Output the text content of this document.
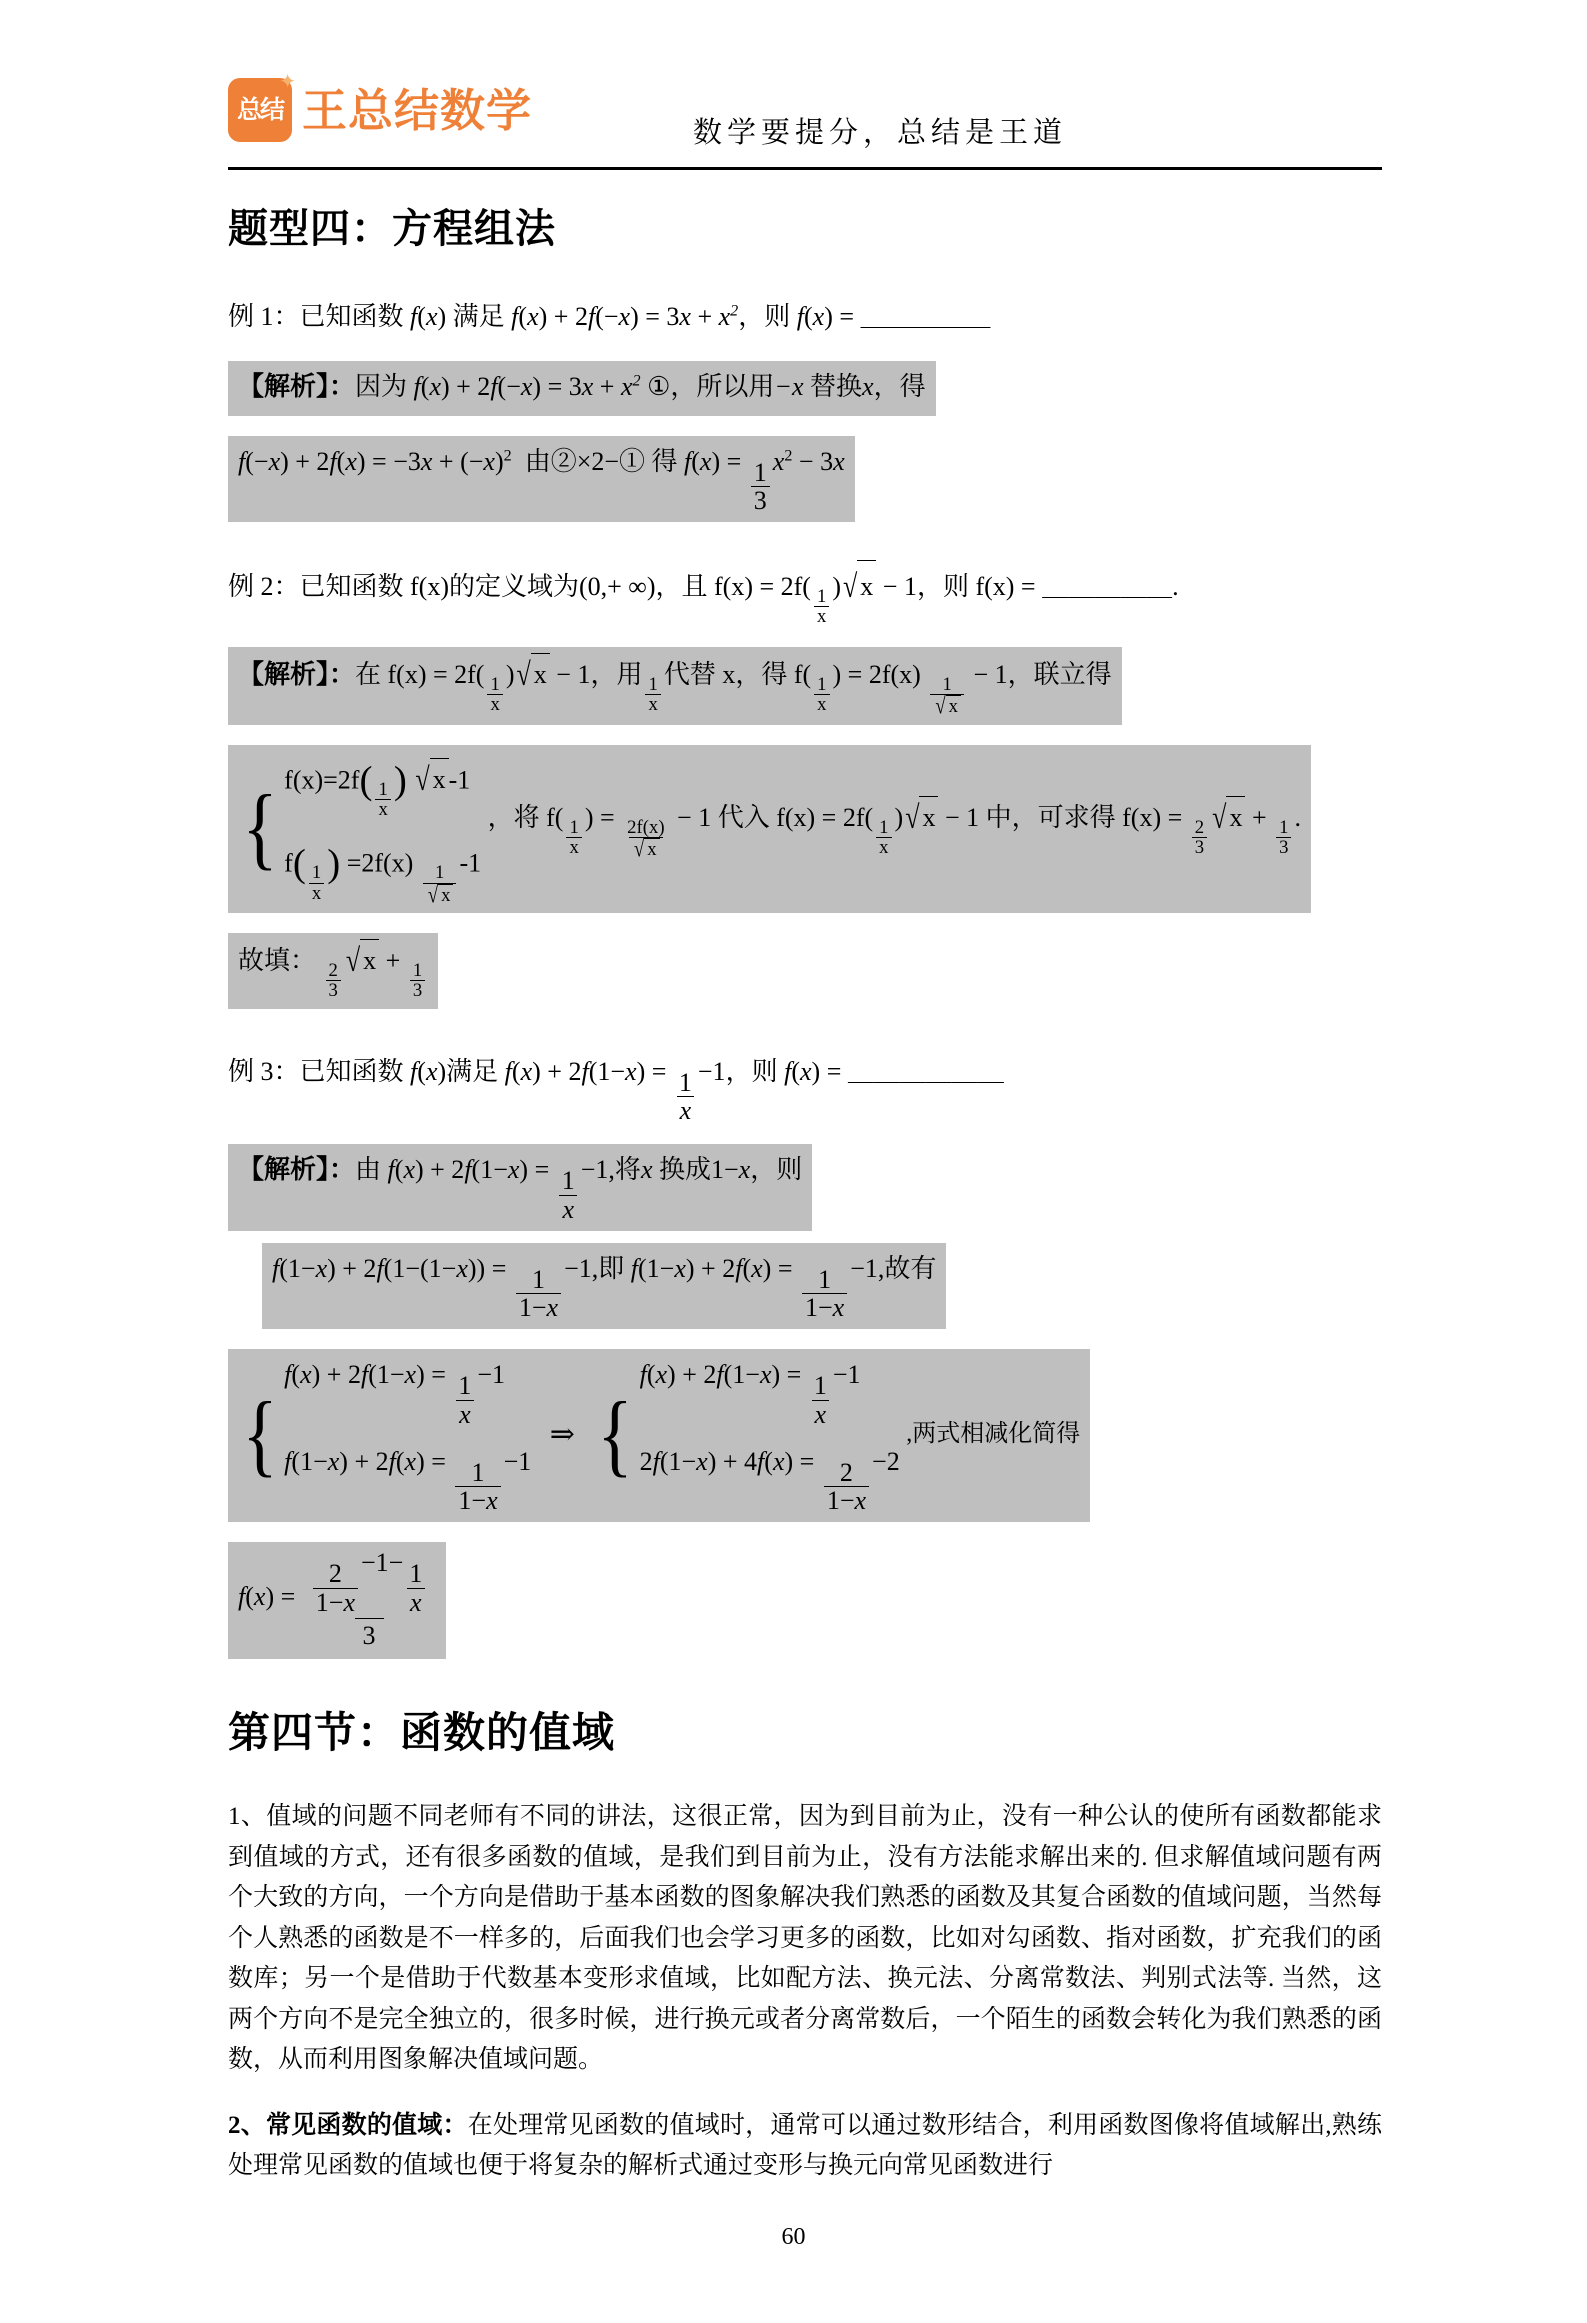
✦
总结 王总结数学	数学要提分，总结是王道
题型四：方程组法
例 1：已知函数 f(x) 满足 $f(x) + 2f(-x) = 3x + x^2$，则 f(x) = ＿＿＿＿＿
【解析】：因为 $f(x) + 2f(-x) = 3x + x^2$ ①，所以用−x 替换x，得
$f(-x) + 2f(x) = -3x + (-x)^2$ 由②×2−① 得 $f(x) = \frac{1}{3} x^2 - 3x$
例 2：已知函数 f(x)的定义域为(0,+ ∞)，且 f(x) = 2f(
$\frac{1}{x}$
)√ x − 1，则 f(x) = ＿＿＿＿＿.
【解析】：在 f(x) = 2f(
$\frac{1}{x}$
)√ x − 1，用
$\frac{1}{x}$
代替 x，得 f(
$\frac{1}{x}$
) = 2f(x)
$\frac{1}{√ x}$
− 1，联立得
{ $f(x)=2f( \frac{1}{x}$ ) √ x -1
$f( \frac{1}{x}$ ) =2f(x)
$\frac{1}{√ x}$
-1
，将 f(
$\frac{1}{x}$
) =
$\frac{2f(x)}{√ x}$
− 1 代入 f(x) = 2f(
$\frac{1}{x}$
)√ x − 1 中，可求得 f(x) =
$\frac{2}{3}$
√ x +
$\frac{1}{3}$
.
故填：
$\frac{2}{3}$
√ x +
$\frac{1}{3}$
例 3：已知函数 f(x)满足 $f(x) + 2f(1-x) = \frac{1}{x} -1$，则 f(x) = ＿＿＿＿＿＿
【解析】：由 $f(x) + 2f(1-x) = \frac{1}{x} -1$,将x 换成1−x，则
$f(1-x) + 2f(1-(1-x)) = \frac{1}{1-x} -1$,即 $f(1-x) + 2f(x) = \frac{1}{1-x} -1$,故有
{
$f(x) + 2f(1-x) = \frac{1}{x} -1$
$f(1-x) + 2f(x) = \frac{1}{1-x} -1$
⇒ {
$f(x) + 2f(1-x) = \frac{1}{x} -1$
$2f(1-x) + 4f(x) = \frac{2}{1-x} -2$
,两式相减化简得
$f(x) = \frac{\frac{2}{1-x} -1- \frac{1}{x}}{3}$
第四节：函数的值域

1、值域的问题不同老师有不同的讲法，这很正常，因为到目前为止，没有一种公认的使所有函数都能求到值域的方式，还有很多函数的值域，是我们到目前为止，没有方法能求解出来的. 但求解值域问题有两个大致的方向，一个方向是借助于基本函数的图象解决我们熟悉的函数及其复合函数的值域问题，当然每个人熟悉的函数是不一样多的，后面我们也会学习更多的函数，比如对勾函数、指对函数，扩充我们的函数库；另一个是借助于代数基本变形求值域，比如配方法、换元法、分离常数法、判别式法等. 当然，这两个方向不是完全独立的，很多时候，进行换元或者分离常数后，一个陌生的函数会转化为我们熟悉的函数，从而利用图象解决值域问题。

2、常见函数的值域：在处理常见函数的值域时，通常可以通过数形结合，利用函数图像将值域解出,熟练处理常见函数的值域也便于将复杂的解析式通过变形与换元向常见函数进行

60
